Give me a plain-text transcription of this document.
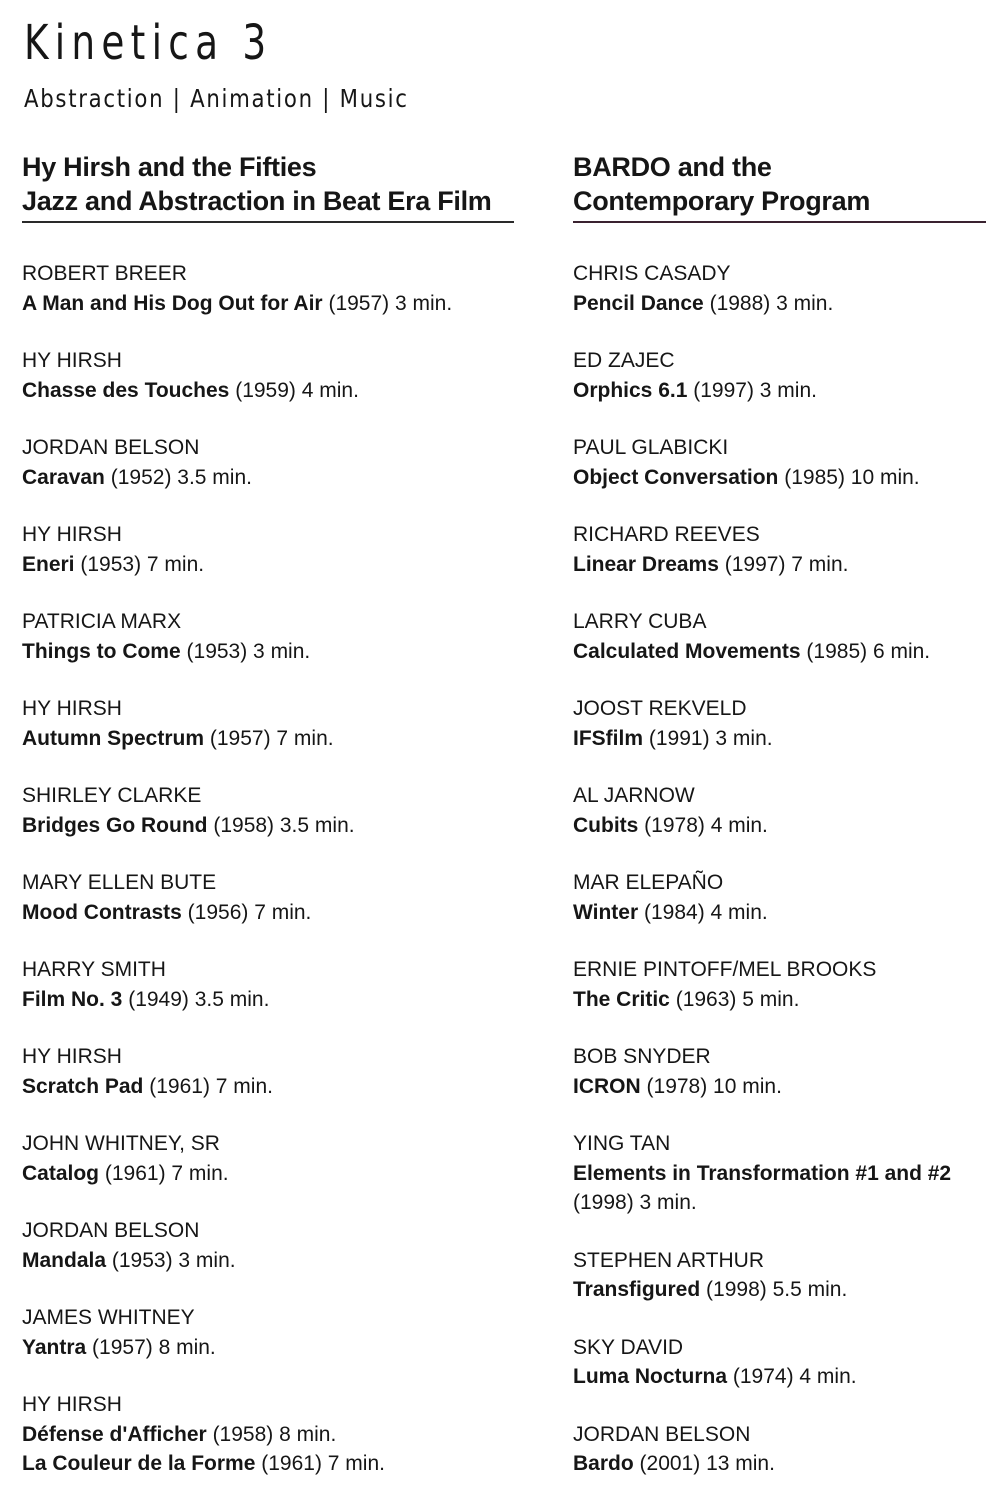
Kinetica 3
Abstraction | Animation | Music
Hy Hirsh and the Fifties
Jazz and Abstraction in Beat Era Film
ROBERT BREER
A Man and His Dog Out for Air (1957) 3 min.
HY HIRSH
Chasse des Touches (1959) 4 min.
JORDAN BELSON
Caravan (1952) 3.5 min.
HY HIRSH
Eneri (1953) 7 min.
PATRICIA MARX
Things to Come (1953) 3 min.
HY HIRSH
Autumn Spectrum (1957) 7 min.
SHIRLEY CLARKE
Bridges Go Round (1958) 3.5 min.
MARY ELLEN BUTE
Mood Contrasts (1956) 7 min.
HARRY SMITH
Film No. 3 (1949) 3.5 min.
HY HIRSH
Scratch Pad (1961) 7 min.
JOHN WHITNEY, SR
Catalog (1961) 7 min.
JORDAN BELSON
Mandala (1953) 3 min.
JAMES WHITNEY
Yantra (1957) 8 min.
HY HIRSH
Défense d'Afficher (1958) 8 min.
La Couleur de la Forme (1961) 7 min.
BARDO and the
Contemporary Program
CHRIS CASADY
Pencil Dance (1988) 3 min.
ED ZAJEC
Orphics 6.1 (1997) 3 min.
PAUL GLABICKI
Object Conversation (1985) 10 min.
RICHARD REEVES
Linear Dreams (1997) 7 min.
LARRY CUBA
Calculated Movements (1985) 6 min.
JOOST REKVELD
IFSfilm (1991) 3 min.
AL JARNOW
Cubits (1978) 4 min.
MAR ELEPAÑO
Winter (1984) 4 min.
ERNIE PINTOFF/MEL BROOKS
The Critic (1963) 5 min.
BOB SNYDER
ICRON (1978) 10 min.
YING TAN
Elements in Transformation #1 and #2
(1998) 3 min.
STEPHEN ARTHUR
Transfigured (1998) 5.5 min.
SKY DAVID
Luma Nocturna (1974) 4 min.
JORDAN BELSON
Bardo (2001) 13 min.
